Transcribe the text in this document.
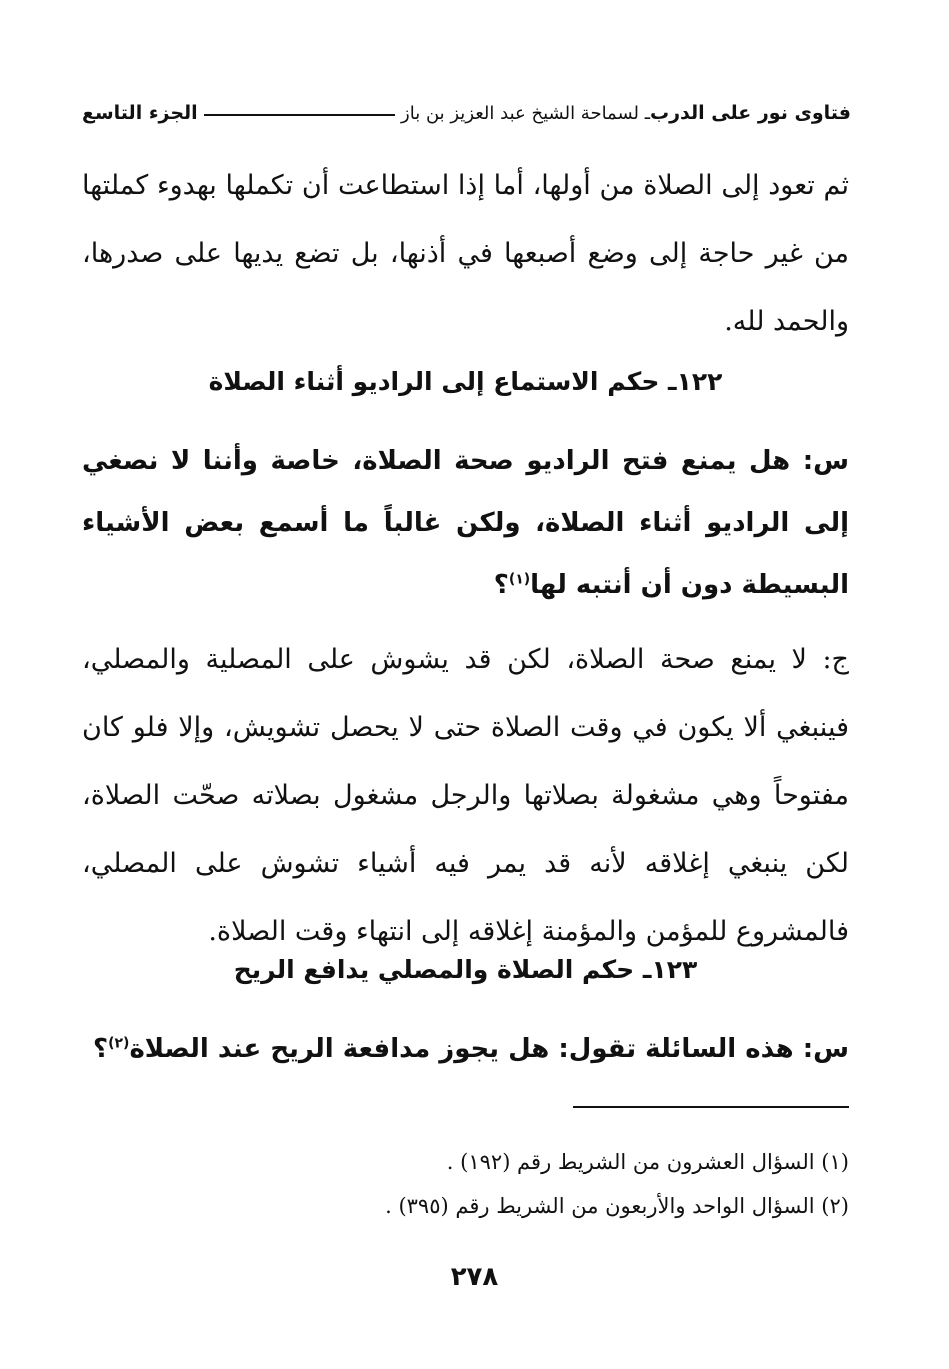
فتاوى نور على الدرب
ـ لسماحة الشيخ عبد العزيز بن باز
الجزء التاسع

ثم تعود إلى الصلاة من أولها، أما إذا استطاعت أن تكملها بهدوء كملتها من غير حاجة إلى وضع أصبعها في أذنها، بل تضع يديها على صدرها، والحمد لله.

١٢٢ـ حكم الاستماع إلى الراديو أثناء الصلاة

س: هل يمنع فتح الراديو صحة الصلاة، خاصة وأننا لا نصغي إلى الراديو أثناء الصلاة، ولكن غالباً ما أسمع بعض الأشياء البسيطة دون أن أنتبه لها$^{(١)}$؟

ج: لا يمنع صحة الصلاة، لكن قد يشوش على المصلية والمصلي، فينبغي ألا يكون في وقت الصلاة حتى لا يحصل تشويش، وإلا فلو كان مفتوحاً وهي مشغولة بصلاتها والرجل مشغول بصلاته صحّت الصلاة، لكن ينبغي إغلاقه لأنه قد يمر فيه أشياء تشوش على المصلي، فالمشروع للمؤمن والمؤمنة إغلاقه إلى انتهاء وقت الصلاة.

١٢٣ـ حكم الصلاة والمصلي يدافع الريح

س: هذه السائلة تقول: هل يجوز مدافعة الريح عند الصلاة$^{(٢)}$؟

(١) السؤال العشرون من الشريط رقم (١٩٢) .
(٢) السؤال الواحد والأربعون من الشريط رقم (٣٩٥) .
٢٧٨
